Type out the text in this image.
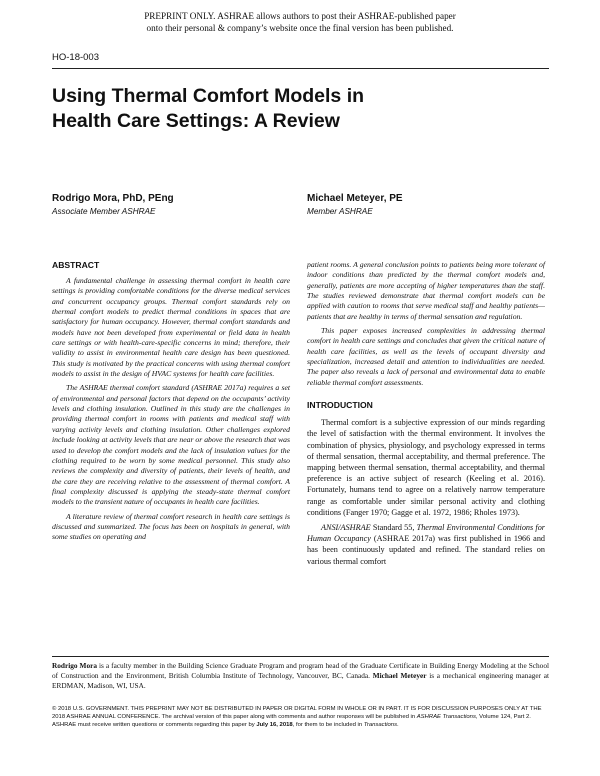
PREPRINT ONLY. ASHRAE allows authors to post their ASHRAE-published paper
onto their personal & company’s website once the final version has been published.
HO-18-003
Using Thermal Comfort Models in
Health Care Settings: A Review
Rodrigo Mora, PhD, PEng
Associate Member ASHRAE
Michael Meteyer, PE
Member ASHRAE
ABSTRACT

A fundamental challenge in assessing thermal comfort in health care settings is providing comfortable conditions for the diverse medical services and concurrent occupancy groups. Thermal comfort standards rely on thermal comfort models to predict thermal conditions in spaces that are satisfactory for human occupancy. However, thermal comfort standards and models have not been developed from experimental or field data in health care settings or with health-care-specific concerns in mind; therefore, their validity to assist in environmental health care design has been questioned. This study is motivated by the practical concerns with using thermal comfort models to assist in the design of HVAC systems for health care facilities.

The ASHRAE thermal comfort standard (ASHRAE 2017a) requires a set of environmental and personal factors that depend on the occupants’ activity levels and clothing insulation. Outlined in this study are the challenges in providing thermal comfort in rooms with patients and medical staff with varying activity levels and clothing insulation. Other challenges explored include looking at activity levels that are near or above the research that was used to develop the comfort models and the lack of insulation values for the clothing required to be worn by some medical personnel. This study also reviews the complexity and diversity of patients, their levels of health, and the care they are receiving relative to the assessment of thermal comfort. A final complexity discussed is applying the steady-state thermal comfort models to the transient nature of occupants in health care facilities.

A literature review of thermal comfort research in health care settings is discussed and summarized. The focus has been on hospitals in general, with some studies on operating and

patient rooms. A general conclusion points to patients being more tolerant of indoor conditions than predicted by the thermal comfort models and, generally, patients are more accepting of higher temperatures than the staff. The studies reviewed demonstrate that thermal comfort models can be applied with caution to rooms that serve medical staff and healthy patients—patients that are healthy in terms of thermal sensation and regulation.

This paper exposes increased complexities in addressing thermal comfort in health care settings and concludes that given the critical nature of health care facilities, as well as the levels of occupant diversity and specialization, increased detail and attention to individualities are needed. The paper also reveals a lack of personal and environmental data to enable reliable thermal comfort assessments.

INTRODUCTION

Thermal comfort is a subjective expression of our minds regarding the level of satisfaction with the thermal environment. It involves the combination of physics, physiology, and psychology expressed in terms of thermal sensation, thermal acceptability, and thermal preference. The mapping between thermal sensation, thermal acceptability, and thermal preference is an active subject of research (Keeling et al. 2016). Fortunately, humans tend to agree on a relatively narrow temperature range as comfortable under similar personal activity and clothing conditions (Fanger 1970; Gagge et al. 1972, 1986; Rholes 1973).

ANSI/ASHRAE Standard 55, Thermal Environmental Conditions for Human Occupancy (ASHRAE 2017a) was first published in 1966 and has been continuously updated and refined. The standard relies on various thermal comfort

Rodrigo Mora is a faculty member in the Building Science Graduate Program and program head of the Graduate Certificate in Building Energy Modeling at the School of Construction and the Environment, British Columbia Institute of Technology, Vancouver, BC, Canada. Michael Meteyer is a mechanical engineering manager at ERDMAN, Madison, WI, USA.
© 2018 U.S. GOVERNMENT. THIS PREPRINT MAY NOT BE DISTRIBUTED IN PAPER OR DIGITAL FORM IN WHOLE OR IN PART. IT IS FOR DISCUSSION PURPOSES ONLY AT THE 2018 ASHRAE ANNUAL CONFERENCE. The archival version of this paper along with comments and author responses will be published in ASHRAE Transactions, Volume 124, Part 2. ASHRAE must receive written questions or comments regarding this paper by July 16, 2018, for them to be included in Transactions.
